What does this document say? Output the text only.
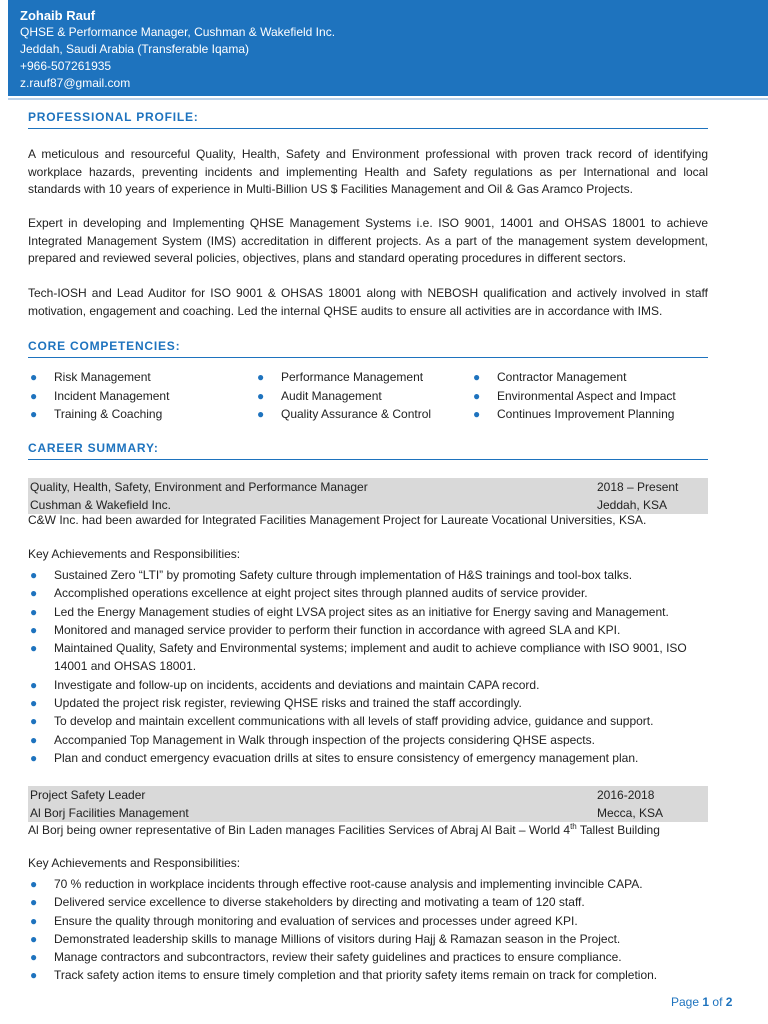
Zohaib Rauf
QHSE & Performance Manager, Cushman & Wakefield Inc.
Jeddah, Saudi Arabia (Transferable Iqama)
+966-507261935
z.rauf87@gmail.com
PROFESSIONAL PROFILE:
A meticulous and resourceful Quality, Health, Safety and Environment professional with proven track record of identifying workplace hazards, preventing incidents and implementing Health and Safety regulations as per International and local standards with 10 years of experience in Multi-Billion US $ Facilities Management and Oil & Gas Aramco Projects.
Expert in developing and Implementing QHSE Management Systems i.e. ISO 9001, 14001 and OHSAS 18001 to achieve Integrated Management System (IMS) accreditation in different projects. As a part of the management system development, prepared and reviewed several policies, objectives, plans and standard operating procedures in different sectors.
Tech-IOSH and Lead Auditor for ISO 9001 & OHSAS 18001 along with NEBOSH qualification and actively involved in staff motivation, engagement and coaching. Led the internal QHSE audits to ensure all activities are in accordance with IMS.
CORE COMPETENCIES:
● Risk Management
● Incident Management
● Training & Coaching
● Performance Management
● Audit Management
● Quality Assurance & Control
● Contractor Management
● Environmental Aspect and Impact
● Continues Improvement Planning
CAREER SUMMARY:
Quality, Health, Safety, Environment and Performance Manager	2018 – Present
Cushman & Wakefield Inc.	Jeddah, KSA
C&W Inc. had been awarded for Integrated Facilities Management Project for Laureate Vocational Universities, KSA.
Key Achievements and Responsibilities:
● Sustained Zero “LTI” by promoting Safety culture through implementation of H&S trainings and tool-box talks.
● Accomplished operations excellence at eight project sites through planned audits of service provider.
● Led the Energy Management studies of eight LVSA project sites as an initiative for Energy saving and Management.
● Monitored and managed service provider to perform their function in accordance with agreed SLA and KPI.
● Maintained Quality, Safety and Environmental systems; implement and audit to achieve compliance with ISO 9001, ISO 14001 and OHSAS 18001.
● Investigate and follow-up on incidents, accidents and deviations and maintain CAPA record.
● Updated the project risk register, reviewing QHSE risks and trained the staff accordingly.
● To develop and maintain excellent communications with all levels of staff providing advice, guidance and support.
● Accompanied Top Management in Walk through inspection of the projects considering QHSE aspects.
● Plan and conduct emergency evacuation drills at sites to ensure consistency of emergency management plan.
Project Safety Leader	2016-2018
Al Borj Facilities Management	Mecca, KSA
Al Borj being owner representative of Bin Laden manages Facilities Services of Abraj Al Bait – World 4th Tallest Building
Key Achievements and Responsibilities:
● 70 % reduction in workplace incidents through effective root-cause analysis and implementing invincible CAPA.
● Delivered service excellence to diverse stakeholders by directing and motivating a team of 120 staff.
● Ensure the quality through monitoring and evaluation of services and processes under agreed KPI.
● Demonstrated leadership skills to manage Millions of visitors during Hajj & Ramazan season in the Project.
● Manage contractors and subcontractors, review their safety guidelines and practices to ensure compliance.
● Track safety action items to ensure timely completion and that priority safety items remain on track for completion.
Page 1 of 2
